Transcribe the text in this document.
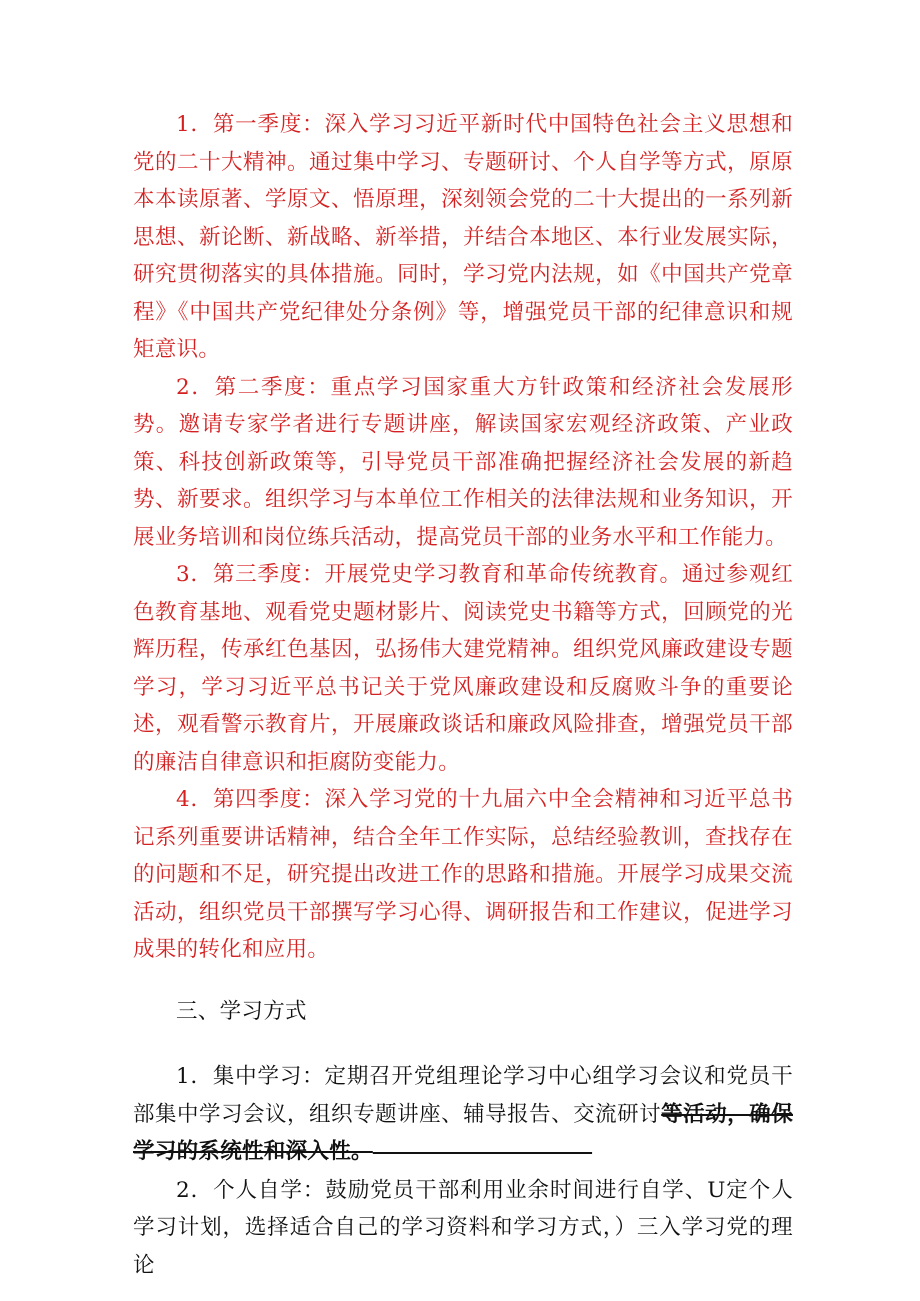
1．第一季度：深入学习习近平新时代中国特色社会主义思想和党的二十大精神。通过集中学习、专题研讨、个人自学等方式，原原本本读原著、学原文、悟原理，深刻领会党的二十大提出的一系列新思想、新论断、新战略、新举措，并结合本地区、本行业发展实际，研究贯彻落实的具体措施。同时，学习党内法规，如《中国共产党章程》《中国共产党纪律处分条例》等，增强党员干部的纪律意识和规矩意识。

2．第二季度：重点学习国家重大方针政策和经济社会发展形势。邀请专家学者进行专题讲座，解读国家宏观经济政策、产业政策、科技创新政策等，引导党员干部准确把握经济社会发展的新趋势、新要求。组织学习与本单位工作相关的法律法规和业务知识，开展业务培训和岗位练兵活动，提高党员干部的业务水平和工作能力。

3．第三季度：开展党史学习教育和革命传统教育。通过参观红色教育基地、观看党史题材影片、阅读党史书籍等方式，回顾党的光辉历程，传承红色基因，弘扬伟大建党精神。组织党风廉政建设专题学习，学习习近平总书记关于党风廉政建设和反腐败斗争的重要论述，观看警示教育片，开展廉政谈话和廉政风险排查，增强党员干部的廉洁自律意识和拒腐防变能力。

4．第四季度：深入学习党的十九届六中全会精神和习近平总书记系列重要讲话精神，结合全年工作实际，总结经验教训，查找存在的问题和不足，研究提出改进工作的思路和措施。开展学习成果交流活动，组织党员干部撰写学习心得、调研报告和工作建议，促进学习成果的转化和应用。

三、学习方式

1．集中学习：定期召开党组理论学习中心组学习会议和党员干部集中学习会议，组织专题讲座、辅导报告、交流研讨等活动，确保学习的系统性和深入性。--------------------------

2．个人自学：鼓励党员干部利用业余时间进行自学、U定个人学习计划，选择适合自己的学习资料和学习方式，）三入学习党的理论
